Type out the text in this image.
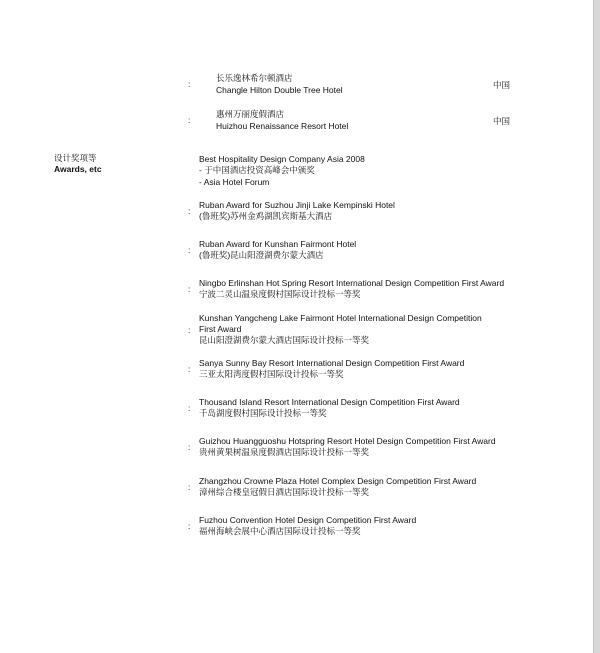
:
长乐逸林希尔顿酒店
Changle Hilton Double Tree Hotel	中国
:
惠州万丽度假酒店
Huizhou Renaissance Resort Hotel	中国
设计奖项等
Awards, etc
Best Hospitality Design Company Asia 2008
- 于中国酒店投资高峰会中颁奖
- Asia Hotel Forum
:
Ruban Award for Suzhou Jinji Lake Kempinski Hotel
(鲁班奖)苏州金鸡湖凯宾斯基大酒店
:
Ruban Award for Kunshan Fairmont Hotel
(鲁班奖)昆山阳澄湖费尔蒙大酒店
:
Ningbo Erlinshan Hot Spring Resort International Design Competition First Award
宁波二灵山温泉度假村国际设计投标一等奖
:
Kunshan Yangcheng Lake Fairmont Hotel International Design Competition
First Award
昆山阳澄湖费尔蒙大酒店国际设计投标一等奖
:
Sanya Sunny Bay Resort International Design Competition First Award
三亚太阳湾度假村国际设计投标一等奖
:
Thousand Island Resort International Design Competition First Award
千岛湖度假村国际设计投标一等奖
:
Guizhou Huangguoshu Hotspring Resort Hotel Design Competition First Award
贵州黄果树温泉度假酒店国际设计投标一等奖
:
Zhangzhou Crowne Plaza Hotel Complex Design Competition First Award
漳州综合楼皇冠假日酒店国际设计投标一等奖
:
Fuzhou Convention Hotel Design Competition First Award
福州海峡会展中心酒店国际设计投标一等奖
